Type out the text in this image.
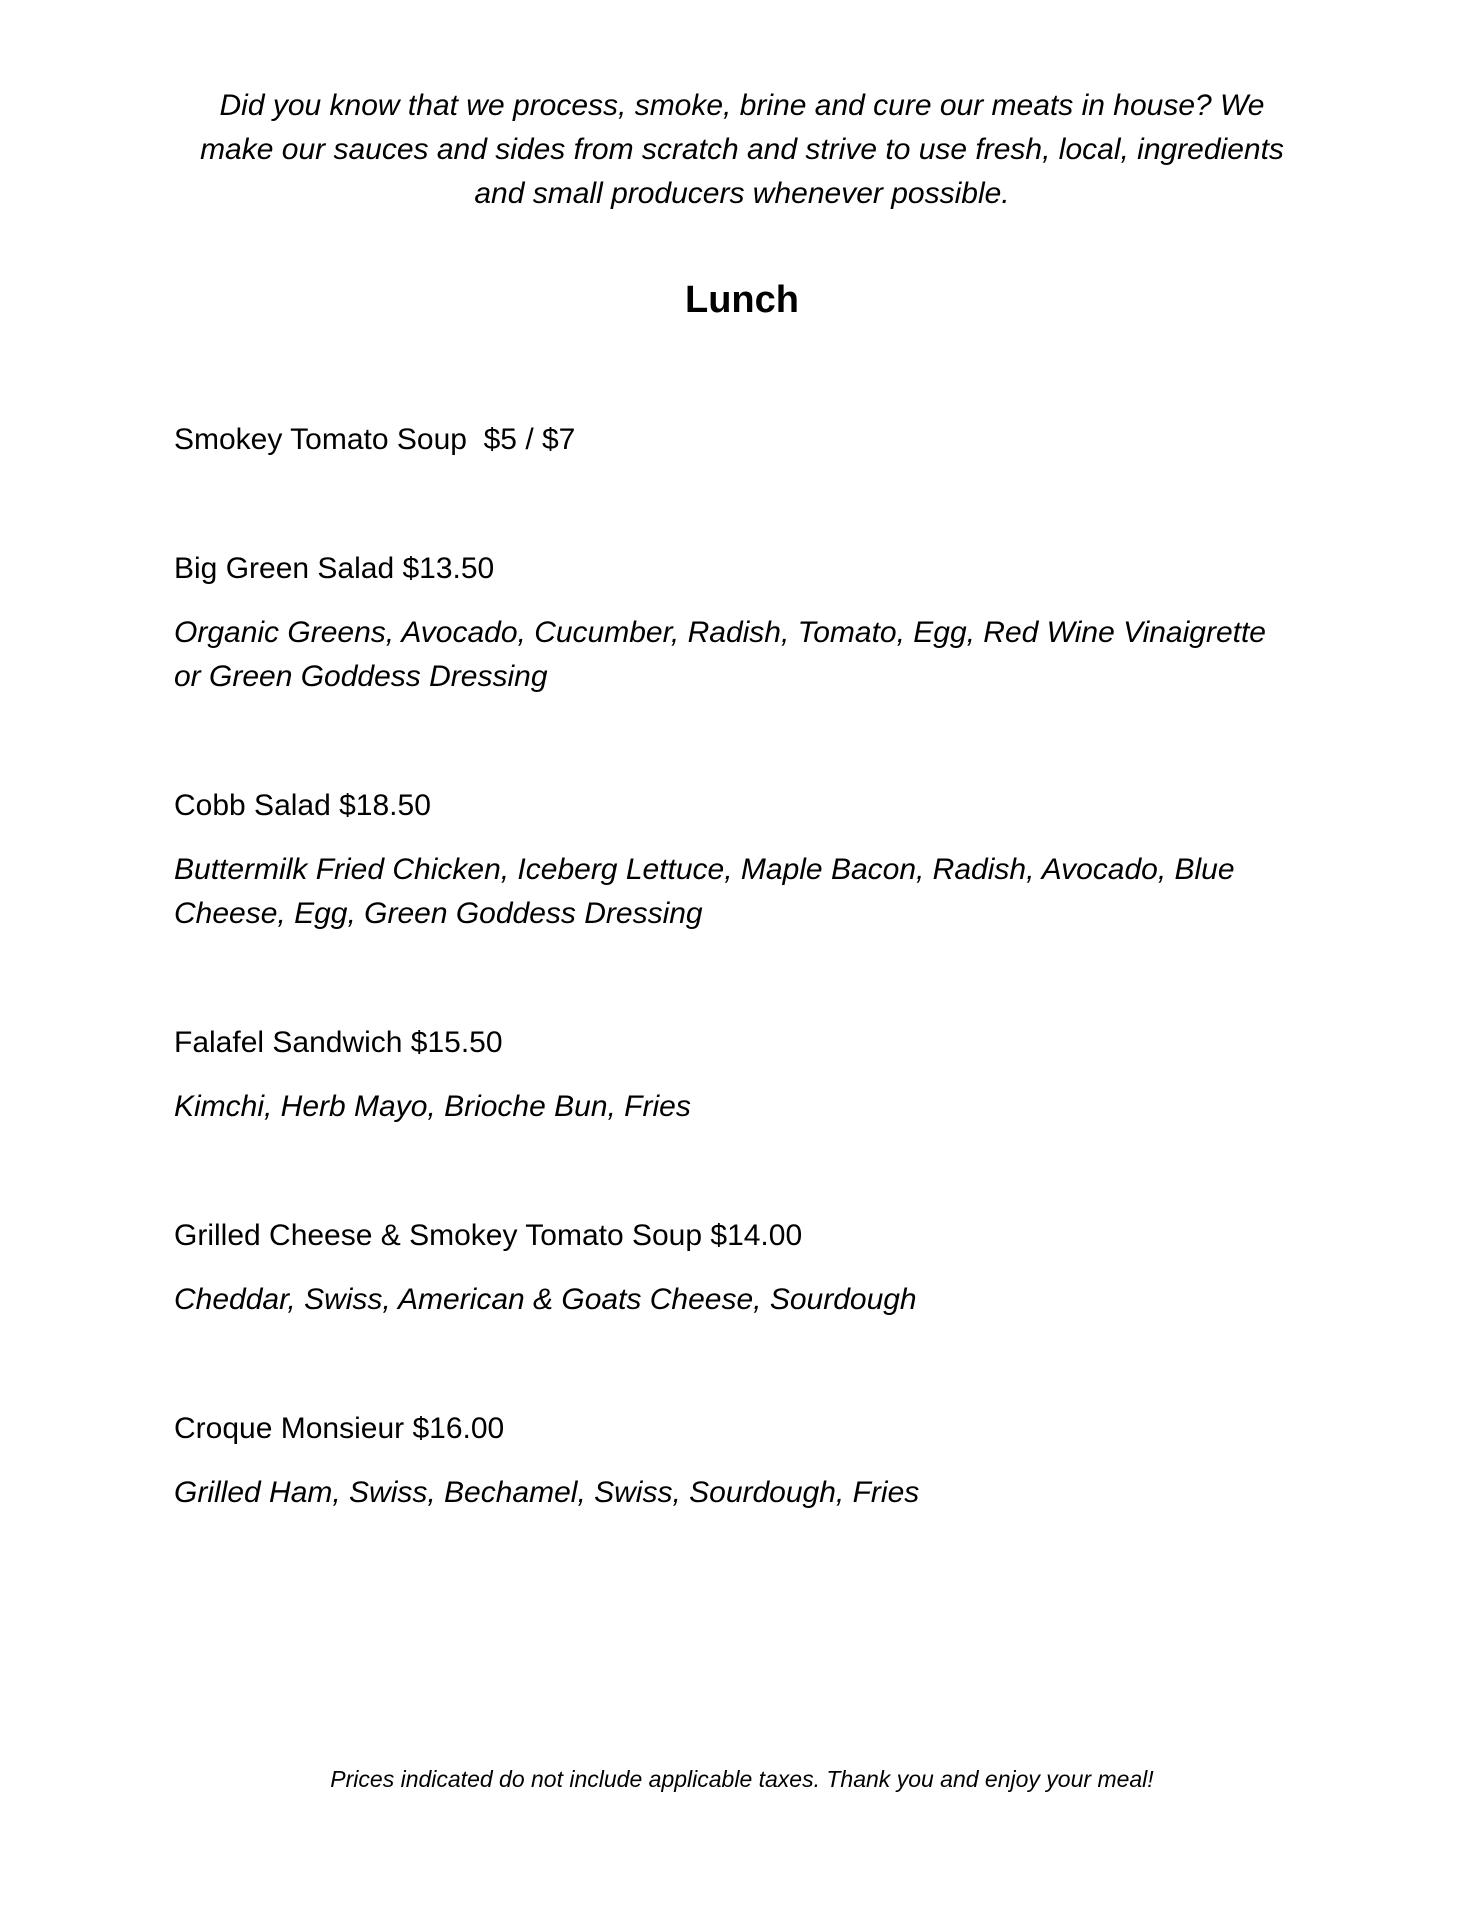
Did you know that we process, smoke, brine and cure our meats in house? We
make our sauces and sides from scratch and strive to use fresh, local, ingredients
and small producers whenever possible.
Lunch
Smokey Tomato Soup  $5 / $7
Big Green Salad $13.50
Organic Greens, Avocado, Cucumber, Radish, Tomato, Egg, Red Wine Vinaigrette
or Green Goddess Dressing
Cobb Salad $18.50
Buttermilk Fried Chicken, Iceberg Lettuce, Maple Bacon, Radish, Avocado, Blue
Cheese, Egg, Green Goddess Dressing
Falafel Sandwich $15.50
Kimchi, Herb Mayo, Brioche Bun, Fries
Grilled Cheese & Smokey Tomato Soup $14.00
Cheddar, Swiss, American & Goats Cheese, Sourdough
Croque Monsieur $16.00
Grilled Ham, Swiss, Bechamel, Swiss, Sourdough, Fries
Prices indicated do not include applicable taxes. Thank you and enjoy your meal!
